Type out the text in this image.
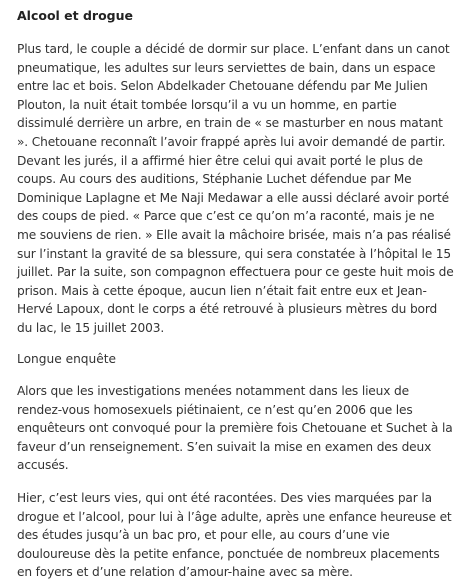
Alcool et drogue

Plus tard, le couple a décidé de dormir sur place. L’enfant dans un canot pneumatique, les adultes sur leurs serviettes de bain, dans un espace entre lac et bois. Selon Abdelkader Chetouane défendu par Me Julien Plouton, la nuit était tombée lorsqu’il a vu un homme, en partie dissimulé derrière un arbre, en train de « se masturber en nous matant ». Chetouane reconnaît l’avoir frappé après lui avoir demandé de partir. Devant les jurés, il a affirmé hier être celui qui avait porté le plus de coups. Au cours des auditions, Stéphanie Luchet défendue par Me Dominique Laplagne et Me Naji Medawar a elle aussi déclaré avoir porté des coups de pied. « Parce que c’est ce qu’on m’a raconté, mais je ne me souviens de rien. » Elle avait la mâchoire brisée, mais n’a pas réalisé sur l’instant la gravité de sa blessure, qui sera constatée à l’hôpital le 15 juillet. Par la suite, son compagnon effectuera pour ce geste huit mois de prison. Mais à cette époque, aucun lien n’était fait entre eux et Jean-Hervé Lapoux, dont le corps a été retrouvé à plusieurs mètres du bord du lac, le 15 juillet 2003.

Longue enquête

Alors que les investigations menées notamment dans les lieux de rendez-vous homosexuels piétinaient, ce n’est qu’en 2006 que les enquêteurs ont convoqué pour la première fois Chetouane et Suchet à la faveur d’un renseignement. S’en suivait la mise en examen des deux accusés.

Hier, c’est leurs vies, qui ont été racontées. Des vies marquées par la drogue et l’alcool, pour lui à l’âge adulte, après une enfance heureuse et des études jusqu’à un bac pro, et pour elle, au cours d’une vie douloureuse dès la petite enfance, ponctuée de nombreux placements en foyers et d’une relation d’amour-haine avec sa mère.
